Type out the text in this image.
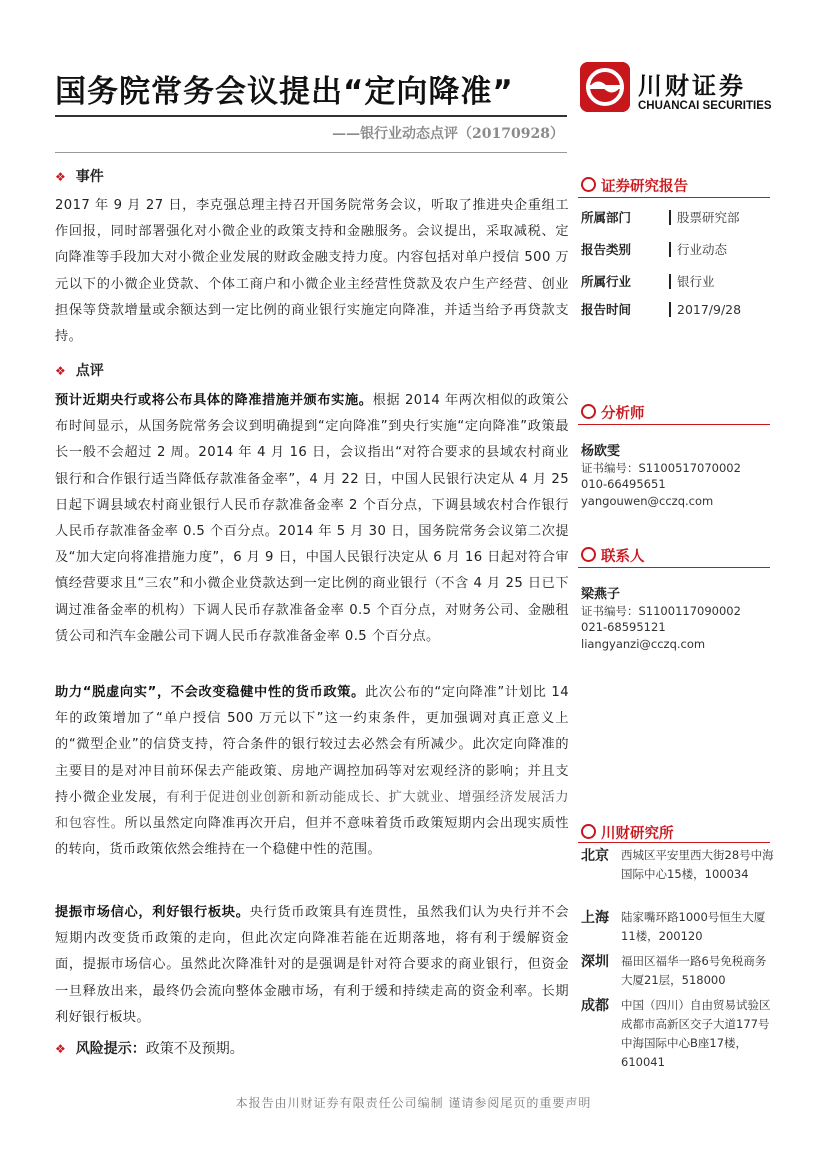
国务院常务会议提出“定向降准”
——银行业动态点评（20170928）
川财证券
CHUANCAI SECURITIES
❖ 事件
2017 年 9 月 27 日，李克强总理主持召开国务院常务会议，听取了推进央企重组工作回报，同时部署强化对小微企业的政策支持和金融服务。会议提出，采取减税、定向降准等手段加大对小微企业发展的财政金融支持力度。内容包括对单户授信 500 万元以下的小微企业贷款、个体工商户和小微企业主经营性贷款及农户生产经营、创业担保等贷款增量或余额达到一定比例的商业银行实施定向降准，并适当给予再贷款支持。
❖ 点评
预计近期央行或将公布具体的降准措施并颁布实施。根据 2014 年两次相似的政策公布时间显示，从国务院常务会议到明确提到“定向降准”到央行实施“定向降准”政策最长一般不会超过 2 周。2014 年 4 月 16 日，会议指出“对符合要求的县域农村商业银行和合作银行适当降低存款准备金率”，4 月 22 日，中国人民银行决定从 4 月 25 日起下调县域农村商业银行人民币存款准备金率 2 个百分点，下调县域农村合作银行人民币存款准备金率 0.5 个百分点。2014 年 5 月 30 日，国务院常务会议第二次提及“加大定向将准措施力度”，6 月 9 日，中国人民银行决定从 6 月 16 日起对符合审慎经营要求且“三农”和小微企业贷款达到一定比例的商业银行（不含 4 月 25 日已下调过准备金率的机构）下调人民币存款准备金率 0.5 个百分点，对财务公司、金融租赁公司和汽车金融公司下调人民币存款准备金率 0.5 个百分点。
助力“脱虚向实”，不会改变稳健中性的货币政策。此次公布的“定向降准”计划比 14 年的政策增加了“单户授信 500 万元以下”这一约束条件，更加强调对真正意义上的“微型企业”的信贷支持，符合条件的银行较过去必然会有所减少。此次定向降准的主要目的是对冲目前环保去产能政策、房地产调控加码等对宏观经济的影响；并且支持小微企业发展，有利于促进创业创新和新动能成长、扩大就业、增强经济发展活力和包容性。所以虽然定向降准再次开启，但并不意味着货币政策短期内会出现实质性的转向，货币政策依然会维持在一个稳健中性的范围。
提振市场信心，利好银行板块。央行货币政策具有连贯性，虽然我们认为央行并不会短期内改变货币政策的走向，但此次定向降准若能在近期落地，将有利于缓解资金面，提振市场信心。虽然此次降准针对的是强调是针对符合要求的商业银行，但资金一旦释放出来，最终仍会流向整体金融市场，有利于缓和持续走高的资金利率。长期利好银行板块。
❖ 风险提示：政策不及预期。
证券研究报告
所属部门	股票研究部
报告类别	行业动态
所属行业	银行业
报告时间	2017/9/28
分析师
杨欧雯
证书编号：S1100517070002
010-66495651
yangouwen@cczq.com
联系人
梁燕子
证书编号：S1100117090002
021-68595121
liangyanzi@cczq.com
川财研究所
北京 西城区平安里西大街28号中海国际中心15楼，100034
上海 陆家嘴环路1000号恒生大厦11楼，200120
深圳 福田区福华一路6号免税商务大厦21层，518000
成都 中国（四川）自由贸易试验区成都市高新区交子大道177号中海国际中心B座17楼，610041
本报告由川财证券有限责任公司编制 谨请参阅尾页的重要声明
